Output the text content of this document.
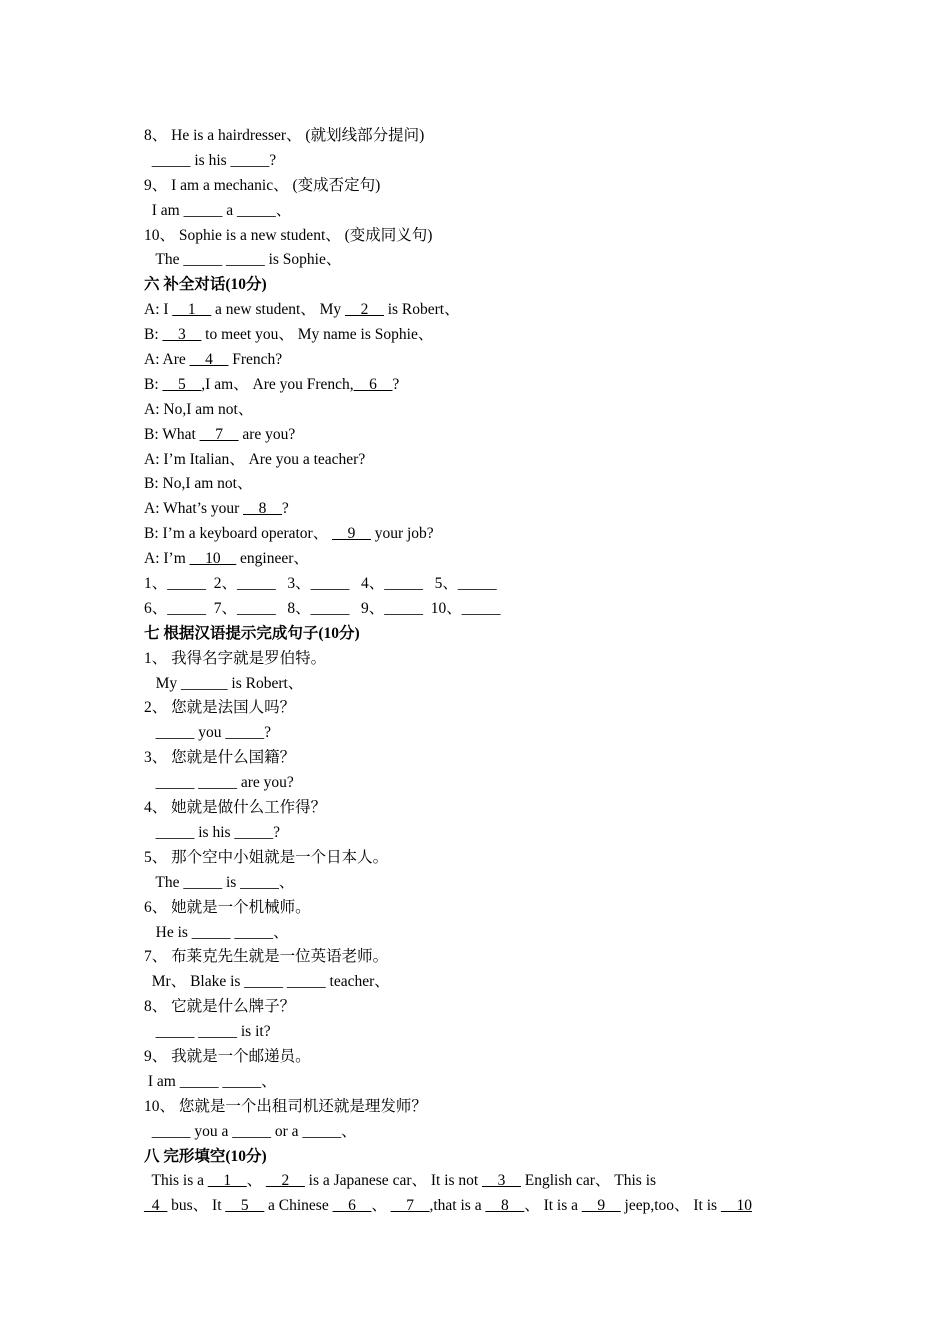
8、 He is a hairdresser、 (就划线部分提问)
_____ is his _____?
9、 I am a mechanic、 (变成否定句)
I am _____ a _____、
10、 Sophie is a new student、 (变成同义句)
The _____ _____ is Sophie、
六 补全对话(10分)
A: I __1__ a new student、 My __2__ is Robert、
B: __3__ to meet you、 My name is Sophie、
A: Are __4__ French?
B: __5__,I am、 Are you French,__6__?
A: No,I am not、
B: What __7__ are you?
A: I’m Italian、 Are you a teacher?
B: No,I am not、
A: What’s your __8__?
B: I’m a keyboard operator、 __9__ your job?
A: I’m __10__ engineer、
1、_____  2、_____   3、_____   4、_____   5、_____
6、_____  7、_____   8、_____   9、_____  10、_____
七 根据汉语提示完成句子(10分)
1、 我得名字就是罗伯特。
My ______ is Robert、
2、 您就是法国人吗？
_____ you _____?
3、 您就是什么国籍？
_____ _____ are you?
4、 她就是做什么工作得？
_____ is his _____?
5、 那个空中小姐就是一个日本人。
The _____ is _____、
6、 她就是一个机械师。
He is _____ _____、
7、 布莱克先生就是一位英语老师。
Mr、 Blake is _____ _____ teacher、
8、 它就是什么牌子？
_____ _____ is it?
9、 我就是一个邮递员。
I am _____ _____、
10、 您就是一个出租司机还就是理发师？
_____ you a _____ or a _____、
八 完形填空(10分)
This is a __1__、 __2__ is a Japanese car、 It is not __3__ English car、 This is
_4_ bus、 It __5__ a Chinese __6__、 __7__,that is a __8__、 It is a __9__ jeep,too、 It is __10
